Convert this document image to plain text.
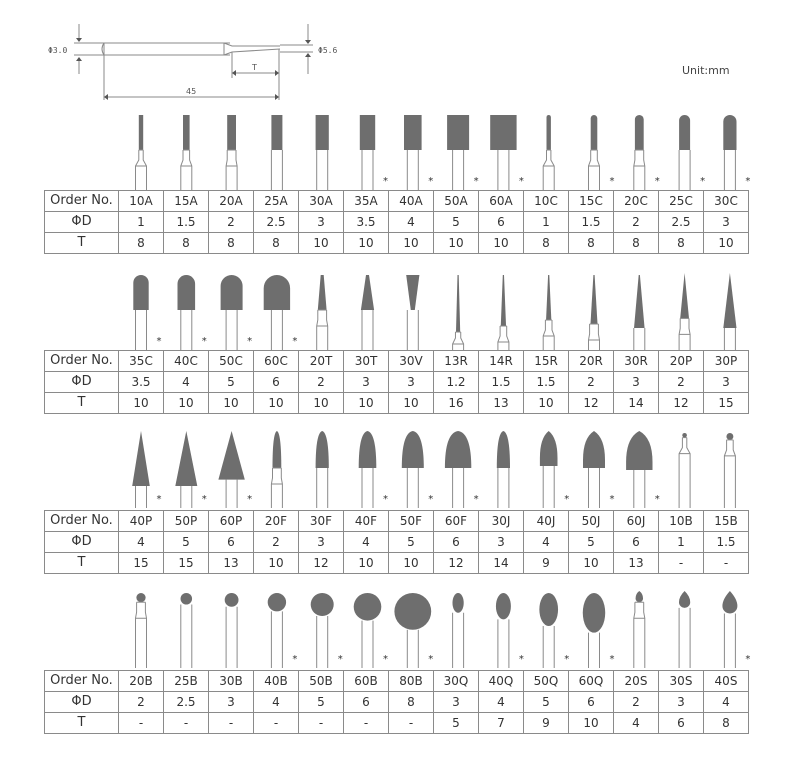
Φ3.0	Φ5.6
T
45
Unit:mm
*	*	*	*	*	*	*	*
Order No.	10A	15A	20A	25A	30A	35A	40A	50A	60A	10C	15C	20C	25C	30C
ΦD	1	1.5	2	2.5	3	3.5	4	5	6	1	1.5	2	2.5	3
T	8	8	8	8	10	10	10	10	10	8	8	8	8	10
*	*	*	*
Order No.	35C	40C	50C	60C	20T	30T	30V	13R	14R	15R	20R	30R	20P	30P
ΦD	3.5	4	5	6	2	3	3	1.2	1.5	1.5	2	3	2	3
T	10	10	10	10	10	10	10	16	13	10	12	14	12	15
*	*	*	*	*	*	*	*	*
Order No.	40P	50P	60P	20F	30F	40F	50F	60F	30J	40J	50J	60J	10B	15B
ΦD	4	5	6	2	3	4	5	6	3	4	5	6	1	1.5
T	15	15	13	10	12	10	10	12	14	9	10	13	-	-
*	*	*	*	*	*	*	*
Order No.	20B	25B	30B	40B	50B	60B	80B	30Q	40Q	50Q	60Q	20S	30S	40S
ΦD	2	2.5	3	4	5	6	8	3	4	5	6	2	3	4
T	-	-	-	-	-	-	-	5	7	9	10	4	6	8
